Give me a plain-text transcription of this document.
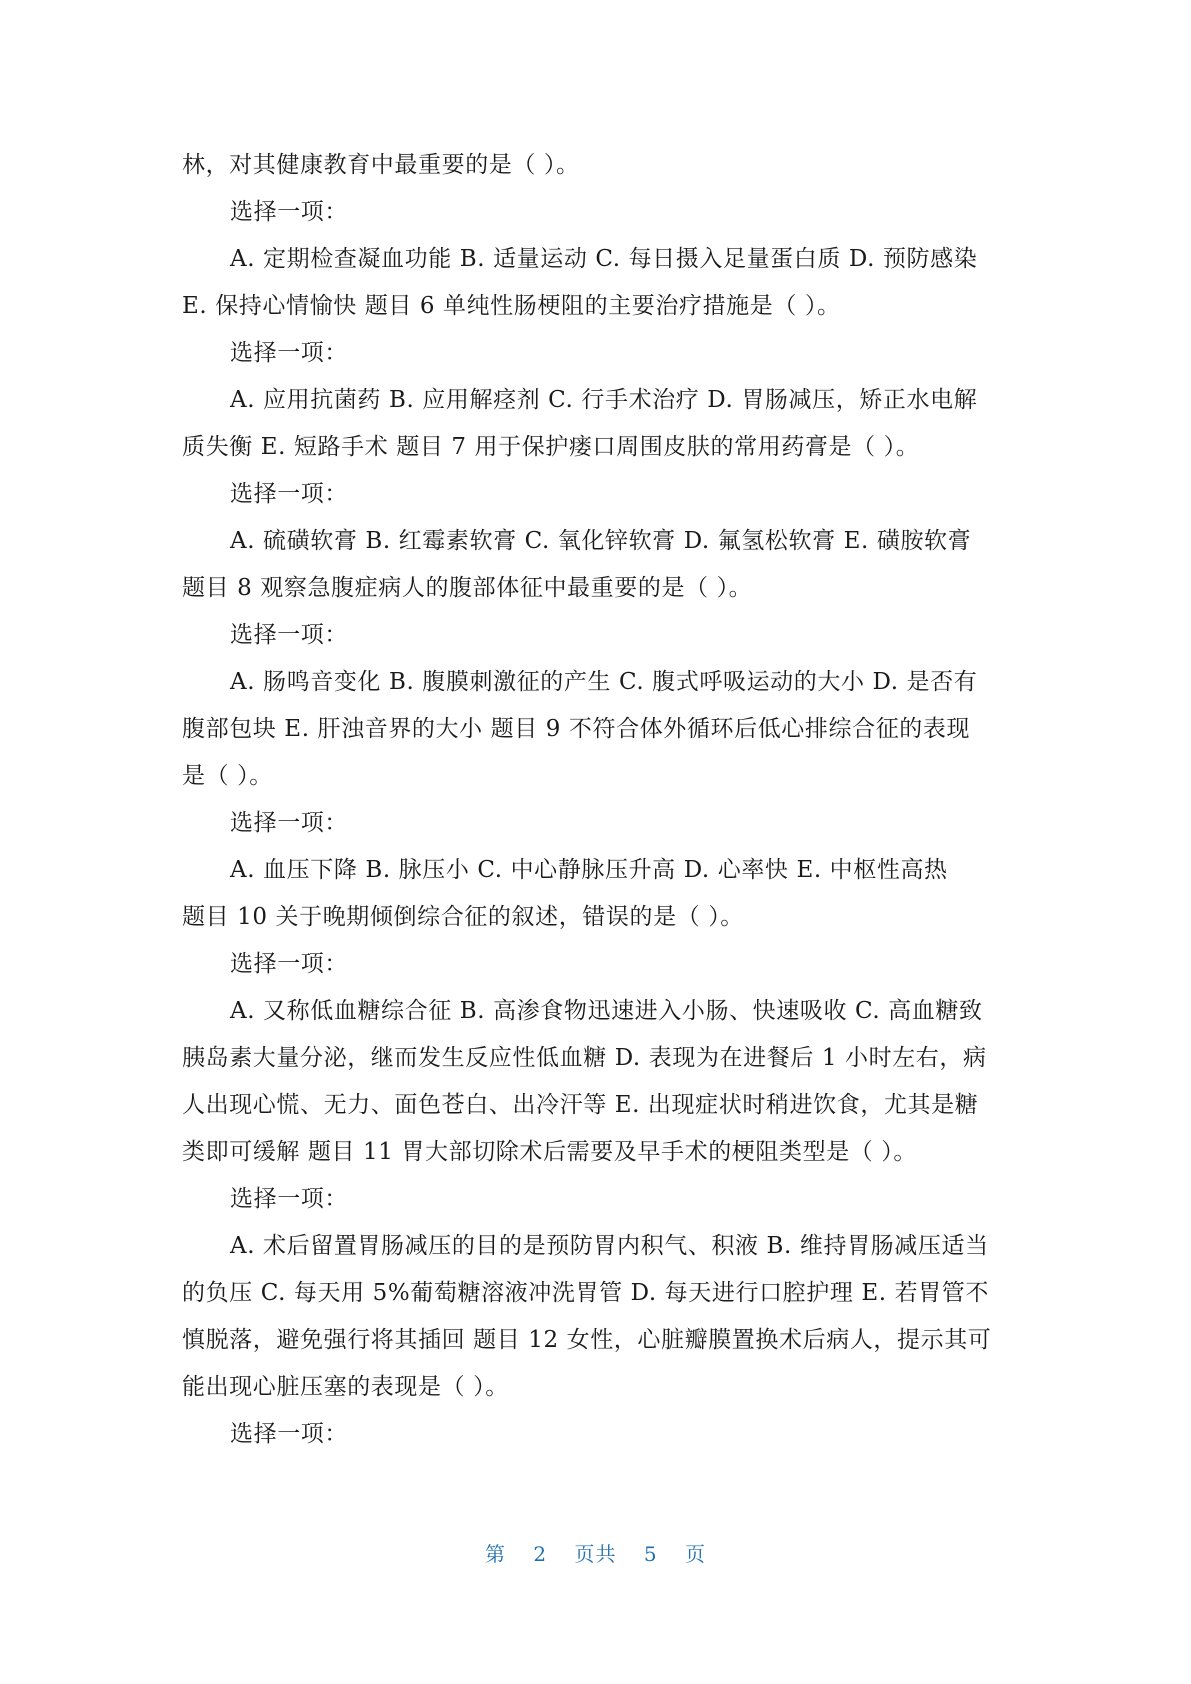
林，对其健康教育中最重要的是（ ）。
选择一项：
A. 定期检查凝血功能 B. 适量运动 C. 每日摄入足量蛋白质 D. 预防感染
E. 保持心情愉快 题目 6 单纯性肠梗阻的主要治疗措施是（ ）。
选择一项：
A. 应用抗菌药 B. 应用解痉剂 C. 行手术治疗 D. 胃肠减压，矫正水电解
质失衡 E. 短路手术 题目 7 用于保护瘘口周围皮肤的常用药膏是（ ）。
选择一项：
A. 硫磺软膏 B. 红霉素软膏 C. 氧化锌软膏 D. 氟氢松软膏 E. 磺胺软膏
题目 8 观察急腹症病人的腹部体征中最重要的是（ ）。
选择一项：
A. 肠鸣音变化 B. 腹膜刺激征的产生 C. 腹式呼吸运动的大小 D. 是否有
腹部包块 E. 肝浊音界的大小 题目 9 不符合体外循环后低心排综合征的表现
是（ ）。
选择一项：
A. 血压下降 B. 脉压小 C. 中心静脉压升高 D. 心率快 E. 中枢性高热
题目 10 关于晚期倾倒综合征的叙述，错误的是（ ）。
选择一项：
A. 又称低血糖综合征 B. 高渗食物迅速进入小肠、快速吸收 C. 高血糖致
胰岛素大量分泌，继而发生反应性低血糖 D. 表现为在进餐后 1 小时左右，病
人出现心慌、无力、面色苍白、出冷汗等 E. 出现症状时稍进饮食，尤其是糖
类即可缓解 题目 11 胃大部切除术后需要及早手术的梗阻类型是（ ）。
选择一项：
A. 术后留置胃肠减压的目的是预防胃内积气、积液 B. 维持胃肠减压适当
的负压 C. 每天用 5%葡萄糖溶液冲洗胃管 D. 每天进行口腔护理 E. 若胃管不
慎脱落，避免强行将其插回 题目 12 女性，心脏瓣膜置换术后病人，提示其可
能出现心脏压塞的表现是（ ）。
选择一项：
第 2 页共 5 页
